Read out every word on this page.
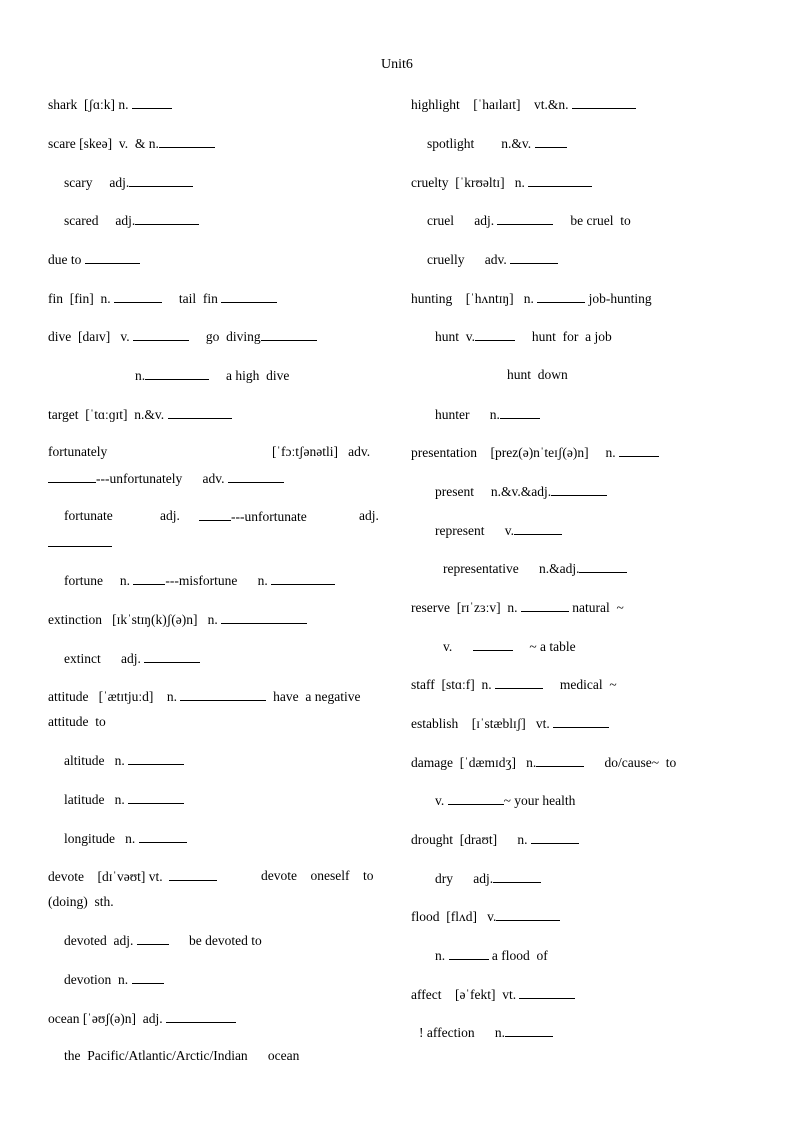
Unit6
shark  [ʃɑːk] n.
scare [skeə]  v.  & n.
scary     adj.
scared     adj.
due to
fin  [fin]  n.	tail  fin
dive  [daɪv]   v.	go  diving
n.	a high  dive
target  [ˈtɑːɡɪt]  n.&v.
fortunately	[ˈfɔːtʃənətli]   adv.
---unfortunately adv.
fortunate	adj.	---unfortunate	adj.
fortune     n.	---misfortune n.
extinction   [ɪkˈstɪŋ(k)ʃ(ə)n]   n.
extinct      adj.
attitude   [ˈætɪtjuːd]    n.	have  a negative
attitude  to
altitude   n.
latitude   n.
longitude   n.
devote    [dɪˈvəʊt] vt.	devote    oneself    to
(doing)  sth.
devoted  adj.	be devoted to
devotion  n.
ocean [ˈəʊʃ(ə)n]  adj.
the  Pacific/Atlantic/Arctic/Indian      ocean
highlight    [ˈhaɪlaɪt]    vt.&n.
spotlight        n.&v.
cruelty  [ˈkrʊəltɪ]   n.
cruel      adj.	be cruel  to
cruelly      adv.
hunting    [ˈhʌntɪŋ]   n.	job-hunting
hunt  v.	hunt  for  a job
hunt  down
hunter      n.
presentation    [prez(ə)nˈteɪʃ(ə)n]     n.
present     n.&v.&adj.
represent      v.
representative      n.&adj.
reserve  [rɪˈzɜːv]  n.	natural  ~
v.	~ a table
staff  [stɑːf]  n.	medical  ~
establish    [ɪˈstæblɪʃ]   vt.
damage  [ˈdæmɪdʒ]   n.	do/cause~  to
v.	~ your health
drought  [draʊt]      n.
dry      adj.
flood  [flʌd]   v.
n.	a flood  of
affect    [əˈfekt]  vt.
! affection      n.
